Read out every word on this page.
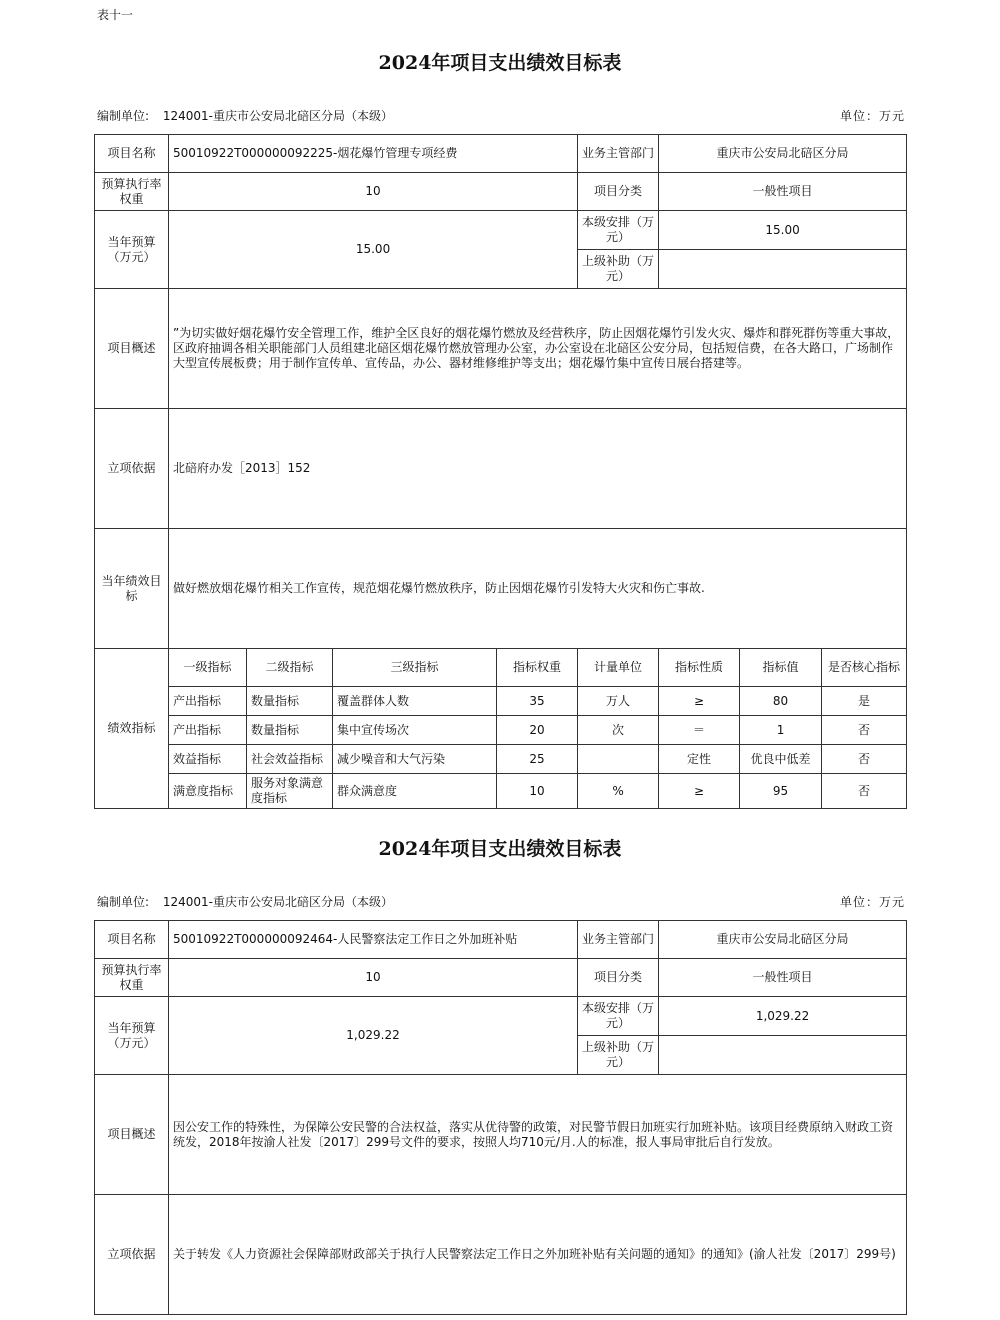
表十一
2024年项目支出绩效目标表
编制单位: 124001-重庆市公安局北碚区分局（本级）	单位：万元
项目名称	50010922T000000092225-烟花爆竹管理专项经费				业务主管部门	重庆市公安局北碚区分局		
预算执行率权重	10				项目分类	一般性项目		
当年预算（万元）	15.00				本级安排（万元）	15.00		
					上级补助（万元）			
项目概述	”为切实做好烟花爆竹安全管理工作，维护全区良好的烟花爆竹燃放及经营秩序，防止因烟花爆竹引发火灾、爆炸和群死群伤等重大事故，区政府抽调各相关职能部门人员组建北碚区烟花爆竹燃放管理办公室，办公室设在北碚区公安分局，包括短信费，在各大路口，广场制作大型宣传展板费；用于制作宣传单、宣传品，办公、器材维修维护等支出；烟花爆竹集中宣传日展台搭建等。							
立项依据	北碚府办发［2013］152							
当年绩效目标	做好燃放烟花爆竹相关工作宣传，规范烟花爆竹燃放秩序，防止因烟花爆竹引发特大火灾和伤亡事故.							
绩效指标	一级指标	二级指标	三级指标	指标权重	计量单位	指标性质	指标值	是否核心指标
	产出指标	数量指标	覆盖群体人数	35	万人	≥	80	是
	产出指标	数量指标	集中宣传场次	20	次	＝	1	否
	效益指标	社会效益指标	减少噪音和大气污染	25		定性	优良中低差	否
	满意度指标	服务对象满意度指标	群众满意度	10	%	≥	95	否
2024年项目支出绩效目标表
编制单位: 124001-重庆市公安局北碚区分局（本级）	单位：万元
项目名称	50010922T000000092464-人民警察法定工作日之外加班补贴	业务主管部门	重庆市公安局北碚区分局
预算执行率权重	10	项目分类	一般性项目
当年预算（万元）	1,029.22	本级安排（万元）	1,029.22
		上级补助（万元）	
项目概述	因公安工作的特殊性，为保障公安民警的合法权益，落实从优待警的政策，对民警节假日加班实行加班补贴。该项目经费原纳入财政工资统发，2018年按渝人社发〔2017〕299号文件的要求，按照人均710元/月.人的标准，报人事局审批后自行发放。		
立项依据	关于转发《人力资源社会保障部财政部关于执行人民警察法定工作日之外加班补贴有关问题的通知》的通知》(渝人社发〔2017〕299号)		
